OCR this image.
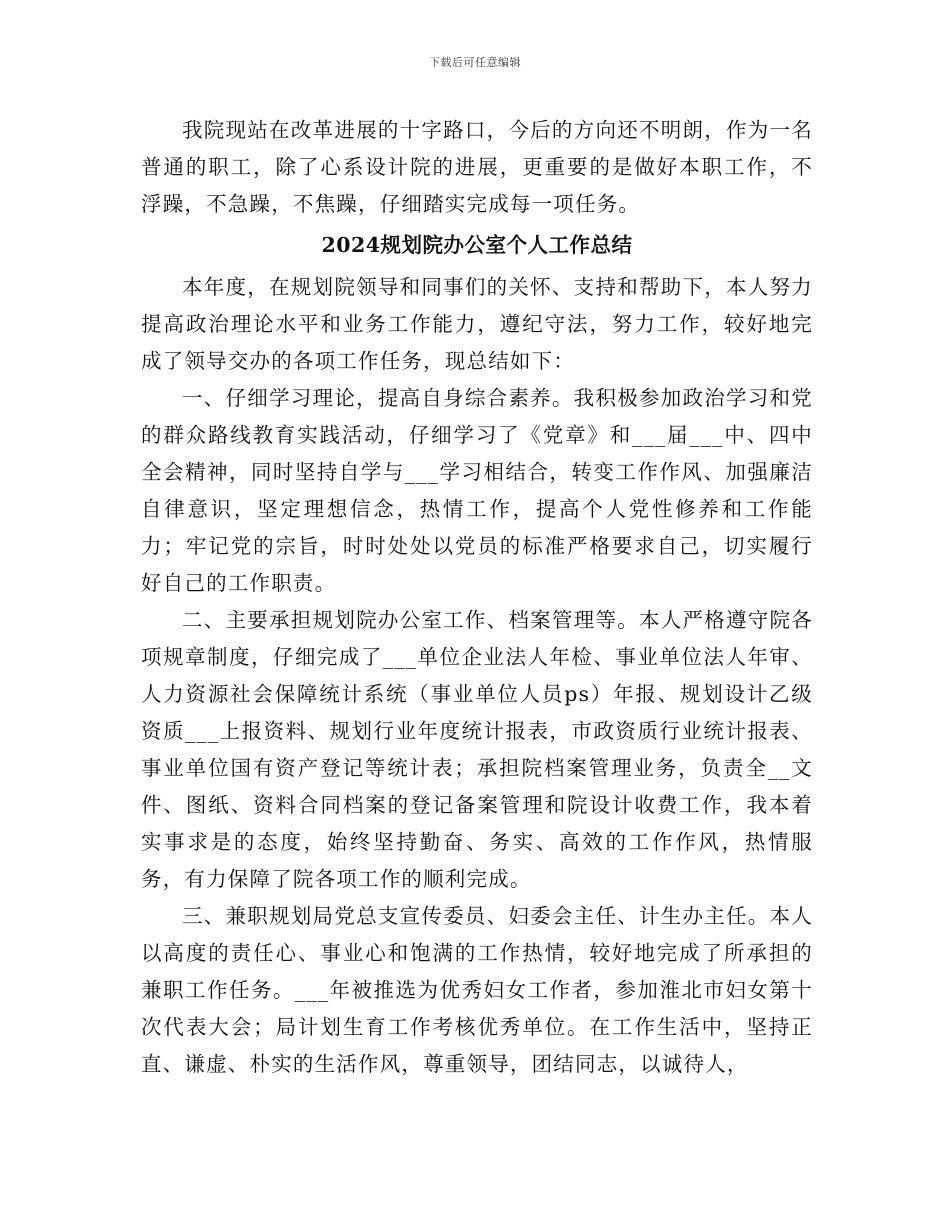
下载后可任意编辑

我院现站在改革进展的十字路口，今后的方向还不明朗，作为一名普通的职工，除了心系设计院的进展，更重要的是做好本职工作，不浮躁，不急躁，不焦躁，仔细踏实完成每一项任务。

2024规划院办公室个人工作总结

本年度，在规划院领导和同事们的关怀、支持和帮助下，本人努力提高政治理论水平和业务工作能力，遵纪守法，努力工作，较好地完成了领导交办的各项工作任务，现总结如下：

一、仔细学习理论，提高自身综合素养。我积极参加政治学习和党的群众路线教育实践活动，仔细学习了《党章》和___届___中、四中全会精神，同时坚持自学与___学习相结合，转变工作作风、加强廉洁自律意识，坚定理想信念，热情工作，提高个人党性修养和工作能力；牢记党的宗旨，时时处处以党员的标准严格要求自己，切实履行好自己的工作职责。

二、主要承担规划院办公室工作、档案管理等。本人严格遵守院各项规章制度，仔细完成了___单位企业法人年检、事业单位法人年审、人力资源社会保障统计系统（事业单位人员ps）年报、规划设计乙级资质___上报资料、规划行业年度统计报表，市政资质行业统计报表、事业单位国有资产登记等统计表；承担院档案管理业务，负责全__文件、图纸、资料合同档案的登记备案管理和院设计收费工作，我本着实事求是的态度，始终坚持勤奋、务实、高效的工作作风，热情服务，有力保障了院各项工作的顺利完成。

三、兼职规划局党总支宣传委员、妇委会主任、计生办主任。本人以高度的责任心、事业心和饱满的工作热情，较好地完成了所承担的兼职工作任务。___年被推选为优秀妇女工作者，参加淮北市妇女第十次代表大会；局计划生育工作考核优秀单位。在工作生活中，坚持正直、谦虚、朴实的生活作风，尊重领导，团结同志，以诚待人，
